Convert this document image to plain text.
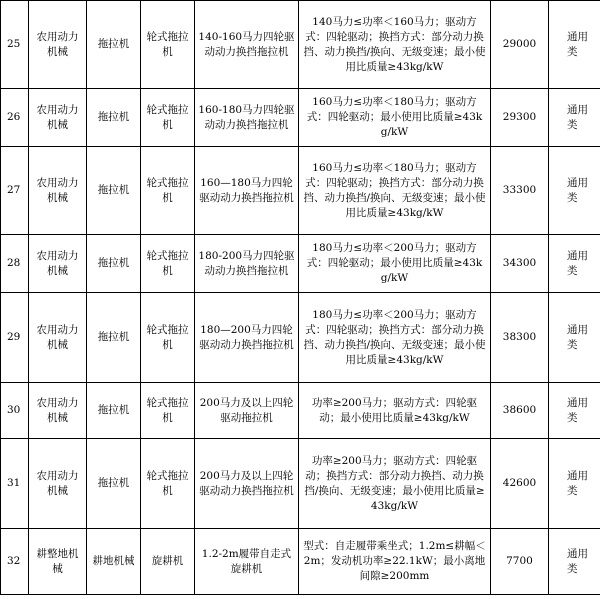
25	农用动力机械	拖拉机	轮式拖拉机	140-160马力四轮驱动动力换挡拖拉机	140马力≤功率＜160马力；驱动方式：四轮驱动；换挡方式：部分动力换挡、动力换挡/换向、无级变速；最小使用比质量≥43kg/kW	29000	通用类
26	农用动力机械	拖拉机	轮式拖拉机	160-180马力四轮驱动动力换挡拖拉机	160马力≤功率＜180马力；驱动方式：四轮驱动；最小使用比质量≥43kg/kW	29300	通用类
27	农用动力机械	拖拉机	轮式拖拉机	160—180马力四轮驱动动力换挡拖拉机	160马力≤功率＜180马力；驱动方式：四轮驱动；换挡方式：部分动力换挡、动力换挡/换向、无级变速；最小使用比质量≥43kg/kW	33300	通用类
28	农用动力机械	拖拉机	轮式拖拉机	180-200马力四轮驱动动力换挡拖拉机	180马力≤功率＜200马力；驱动方式：四轮驱动；最小使用比质量≥43kg/kW	34300	通用类
29	农用动力机械	拖拉机	轮式拖拉机	180—200马力四轮驱动动力换挡拖拉机	180马力≤功率＜200马力；驱动方式：四轮驱动；换挡方式：部分动力换挡、动力换挡/换向、无级变速；最小使用比质量≥43kg/kW	38300	通用类
30	农用动力机械	拖拉机	轮式拖拉机	200马力及以上四轮驱动拖拉机	功率≥200马力；驱动方式：四轮驱动；最小使用比质量≥43kg/kW	38600	通用类
31	农用动力机械	拖拉机	轮式拖拉机	200马力及以上四轮驱动动力换挡拖拉机	功率≥200马力；驱动方式：四轮驱动；换挡方式：部分动力换挡、动力换挡/换向、无级变速；最小使用比质量≥43kg/kW	42600	通用类
32	耕整地机械	耕地机械	旋耕机	1.2-2m履带自走式旋耕机	型式：自走履带乘坐式；1.2m≤耕幅＜2m；发动机功率≥22.1kW；最小离地间隙≥200mm	7700	通用类
